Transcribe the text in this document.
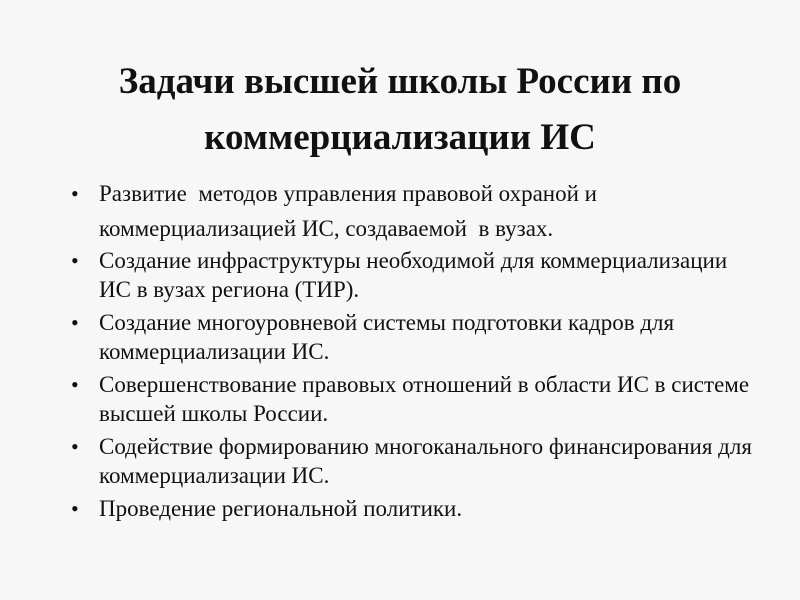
Задачи высшей школы России по коммерциализации ИС
• Развитие  методов управления правовой охраной и коммерциализацией ИС, создаваемой  в вузах.
• Создание инфраструктуры необходимой для коммерциализации   ИС в вузах региона (ТИР).
• Создание многоуровневой системы подготовки кадров для коммерциализации ИС.
• Совершенствование правовых отношений в области ИС в системе высшей школы России.
• Содействие формированию многоканального финансирования для коммерциализации ИС.
• Проведение региональной политики.
